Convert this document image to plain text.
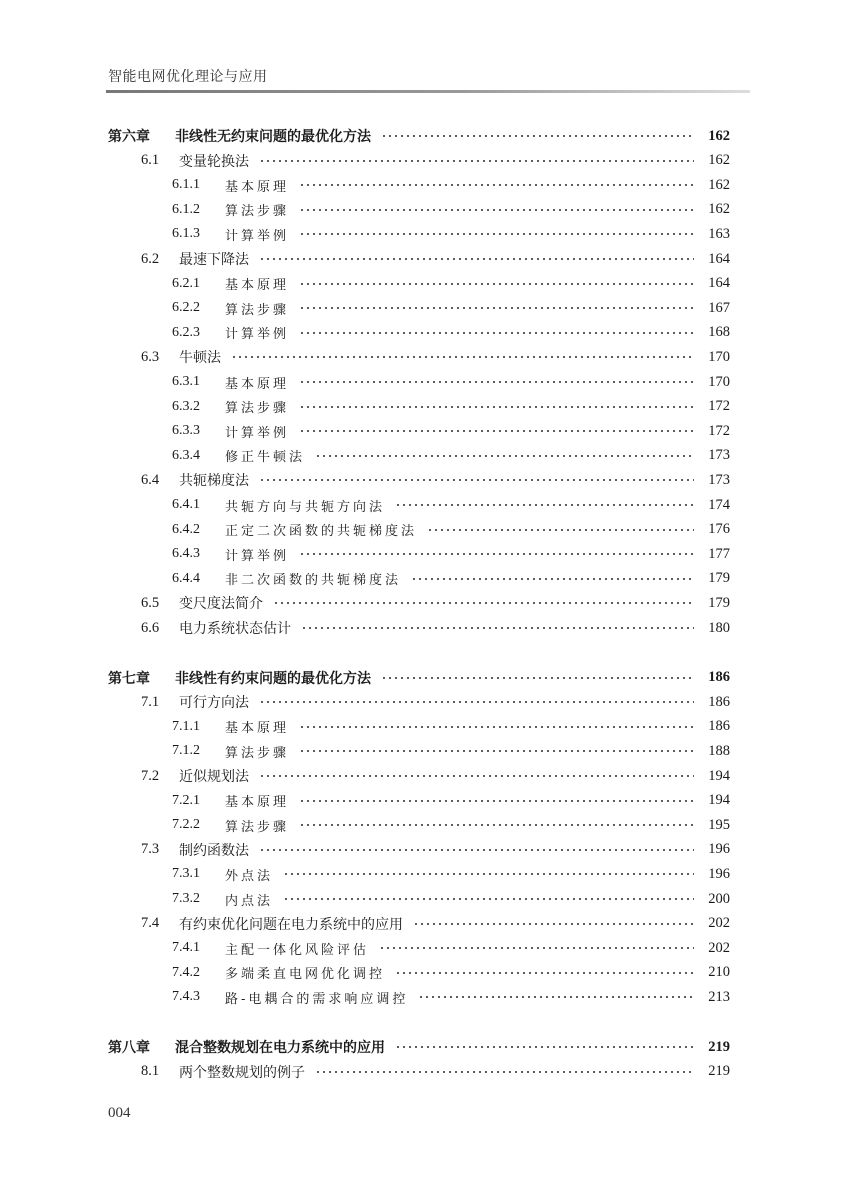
智能电网优化理论与应用
第六章 非线性无约束问题的最优化方法	162
6.1 变量轮换法	162
6.1.1 基本原理	162
6.1.2 算法步骤	162
6.1.3 计算举例	163
6.2 最速下降法	164
6.2.1 基本原理	164
6.2.2 算法步骤	167
6.2.3 计算举例	168
6.3 牛顿法	170
6.3.1 基本原理	170
6.3.2 算法步骤	172
6.3.3 计算举例	172
6.3.4 修正牛顿法	173
6.4 共轭梯度法	173
6.4.1 共轭方向与共轭方向法	174
6.4.2 正定二次函数的共轭梯度法	176
6.4.3 计算举例	177
6.4.4 非二次函数的共轭梯度法	179
6.5 变尺度法简介	179
6.6 电力系统状态估计	180
第七章 非线性有约束问题的最优化方法	186
7.1 可行方向法	186
7.1.1 基本原理	186
7.1.2 算法步骤	188
7.2 近似规划法	194
7.2.1 基本原理	194
7.2.2 算法步骤	195
7.3 制约函数法	196
7.3.1 外点法	196
7.3.2 内点法	200
7.4 有约束优化问题在电力系统中的应用	202
7.4.1 主配一体化风险评估	202
7.4.2 多端柔直电网优化调控	210
7.4.3 路-电耦合的需求响应调控	213
第八章 混合整数规划在电力系统中的应用	219
8.1 两个整数规划的例子	219
004
